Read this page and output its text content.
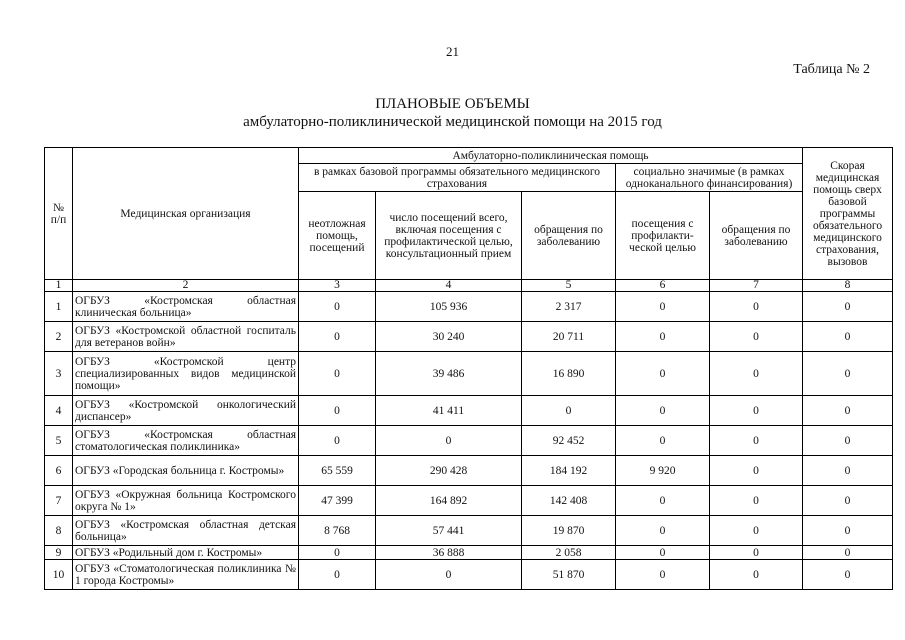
21
Таблица № 2
ПЛАНОВЫЕ ОБЪЕМЫ
амбулаторно-поликлинической медицинской помощи на 2015 год
№ п/п	Медицинская организация	Амбулаторно-поликлиническая помощь					Скорая медицинская помощь сверх базовой программы обязательного медицинского страхования, вызовов
		в рамках базовой программы обязательного медицинского страхования			социально значимые (в рамках одноканального финансирования)		
		неотложная помощь, посещений	число посещений всего, включая посещения с профилактической целью, консультационный прием	обращения по заболеванию	посещения с профилакти-ческой целью	обращения по заболеванию	
1	2	3	4	5	6	7	8
1	ОГБУЗ «Костромская областная клиническая больница»	0	105 936	2 317	0	0	0
2	ОГБУЗ «Костромской областной госпиталь для ветеранов войн»	0	30 240	20 711	0	0	0
3	ОГБУЗ «Костромской центр специализированных видов медицинской помощи»	0	39 486	16 890	0	0	0
4	ОГБУЗ «Костромской онкологический диспансер»	0	41 411	0	0	0	0
5	ОГБУЗ «Костромская областная стоматологическая поликлиника»	0	0	92 452	0	0	0
6	ОГБУЗ «Городская больница г. Костромы»	65 559	290 428	184 192	9 920	0	0
7	ОГБУЗ «Окружная больница Костромского округа № 1»	47 399	164 892	142 408	0	0	0
8	ОГБУЗ «Костромская областная детская больница»	8 768	57 441	19 870	0	0	0
9	ОГБУЗ «Родильный дом г. Костромы»	0	36 888	2 058	0	0	0
10	ОГБУЗ «Стоматологическая поликлиника № 1 города Костромы»	0	0	51 870	0	0	0
